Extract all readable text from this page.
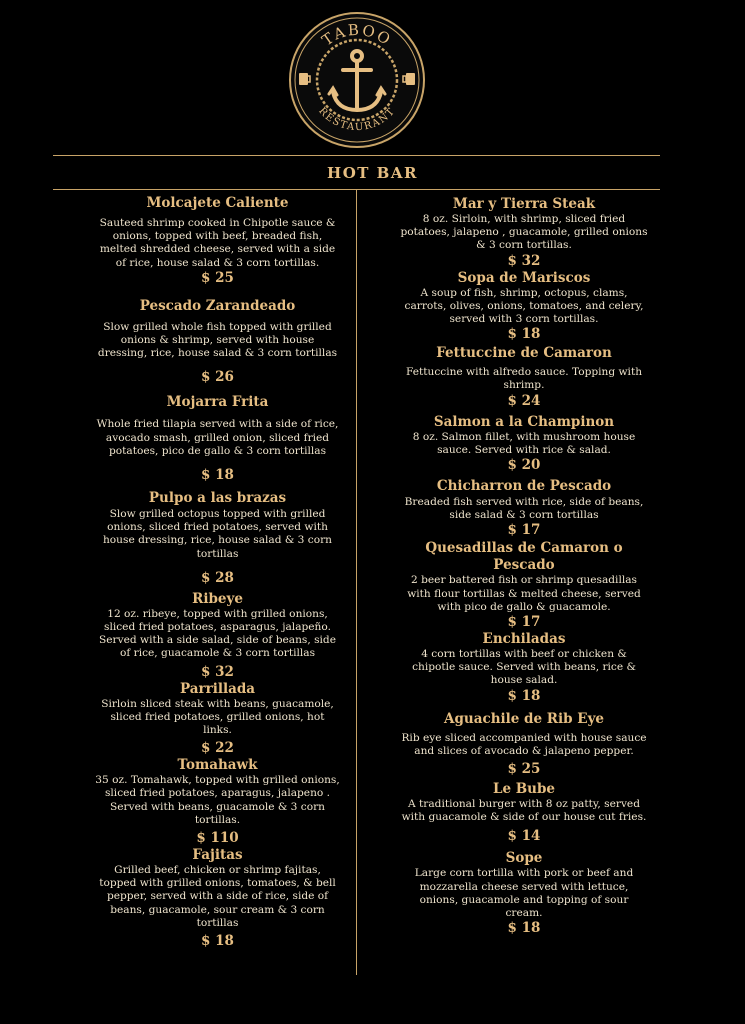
TABOO
RESTAURANT
HOT BAR
Molcajete Caliente
Sauteed shrimp cooked in Chipotle sauce & onions, topped with beef, breaded fish, melted shredded cheese, served with a side of rice, house salad & 3 corn tortillas.
$ 25
Pescado Zarandeado
Slow grilled whole fish topped with grilled onions & shrimp, served with house dressing, rice, house salad & 3 corn tortillas
$ 26
Mojarra Frita
Whole fried tilapia served with a side of rice, avocado smash, grilled onion, sliced fried potatoes, pico de gallo & 3 corn tortillas
$ 18
Pulpo a las brazas
Slow grilled octopus topped with grilled onions, sliced fried potatoes, served with house dressing, rice, house salad & 3 corn tortillas
$ 28
Ribeye
12 oz. ribeye, topped with grilled onions, sliced fried potatoes, asparagus, jalapeño. Served with a side salad, side of beans, side of rice, guacamole & 3 corn tortillas
$ 32
Parrillada
Sirloin sliced steak with beans, guacamole, sliced fried potatoes, grilled onions, hot links.
$ 22
Tomahawk
35 oz. Tomahawk, topped with grilled onions, sliced fried potatoes, aparagus, jalapeno . Served with beans, guacamole & 3 corn tortillas.
$ 110
Fajitas
Grilled beef, chicken or shrimp fajitas, topped with grilled onions, tomatoes, & bell pepper, served with a side of rice, side of beans, guacamole, sour cream & 3 corn tortillas
$ 18
Mar y Tierra Steak
8 oz. Sirloin, with shrimp, sliced fried potatoes, jalapeno , guacamole, grilled onions & 3 corn tortillas.
$ 32
Sopa de Mariscos
A soup of fish, shrimp, octopus, clams, carrots, olives, onions, tomatoes, and celery, served with 3 corn tortillas.
$ 18
Fettuccine de Camaron
Fettuccine with alfredo sauce. Topping with shrimp.
$ 24
Salmon a la Champinon
8 oz. Salmon fillet, with mushroom house sauce. Served with rice & salad.
$ 20
Chicharron de Pescado
Breaded fish served with rice, side of beans, side salad & 3 corn tortillas
$ 17
Quesadillas de Camaron o Pescado
2 beer battered fish or shrimp quesadillas with flour tortillas & melted cheese, served with pico de gallo & guacamole.
$ 17
Enchiladas
4 corn tortillas with beef or chicken & chipotle sauce. Served with beans, rice & house salad.
$ 18
Aguachile de Rib Eye
Rib eye sliced accompanied with house sauce and slices of avocado & jalapeno pepper.
$ 25
Le Bube
A traditional burger with 8 oz patty, served with guacamole & side of our house cut fries.
$ 14
Sope
Large corn tortilla with pork or beef and mozzarella cheese served with lettuce, onions, guacamole and topping of sour cream.
$ 18
